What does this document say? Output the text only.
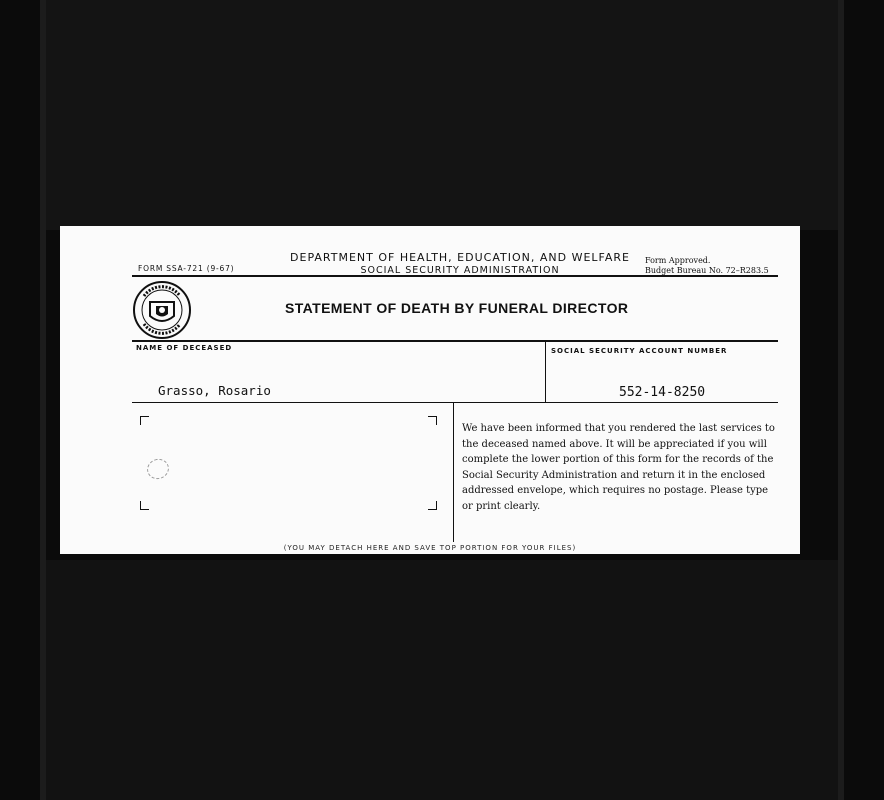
FORM SSA-721 (9-67)
DEPARTMENT OF HEALTH, EDUCATION, AND WELFARE
SOCIAL SECURITY ADMINISTRATION
Form Approved.
Budget Bureau No. 72–R283.5
STATEMENT OF DEATH BY FUNERAL DIRECTOR
NAME OF DECEASED	SOCIAL SECURITY ACCOUNT NUMBER
Grasso, Rosario	552-14-8250

We have been informed that you rendered the last services to the deceased named above. It will be appreciated if you will complete the lower portion of this form for the records of the Social Security Administration and return it in the enclosed addressed envelope, which requires no postage. Please type or print clearly.

(YOU MAY DETACH HERE AND SAVE TOP PORTION FOR YOUR FILES)
